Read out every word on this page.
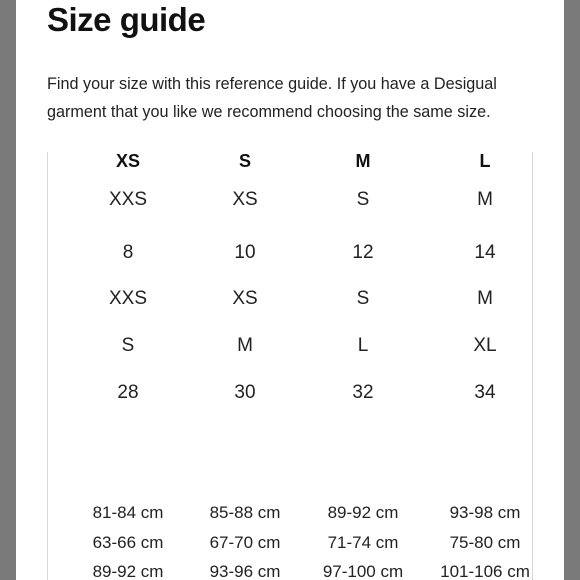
Size guide
Find your size with this reference guide. If you have a Desigual garment that you like we recommend choosing the same size.
XS	S	M	L
XXS	XS	S	M
8	10	12	14
XXS	XS	S	M
S	M	L	XL
28	30	32	34
81-84 cm	85-88 cm	89-92 cm	93-98 cm
63-66 cm	67-70 cm	71-74 cm	75-80 cm
89-92 cm	93-96 cm	97-100 cm	101-106 cm
